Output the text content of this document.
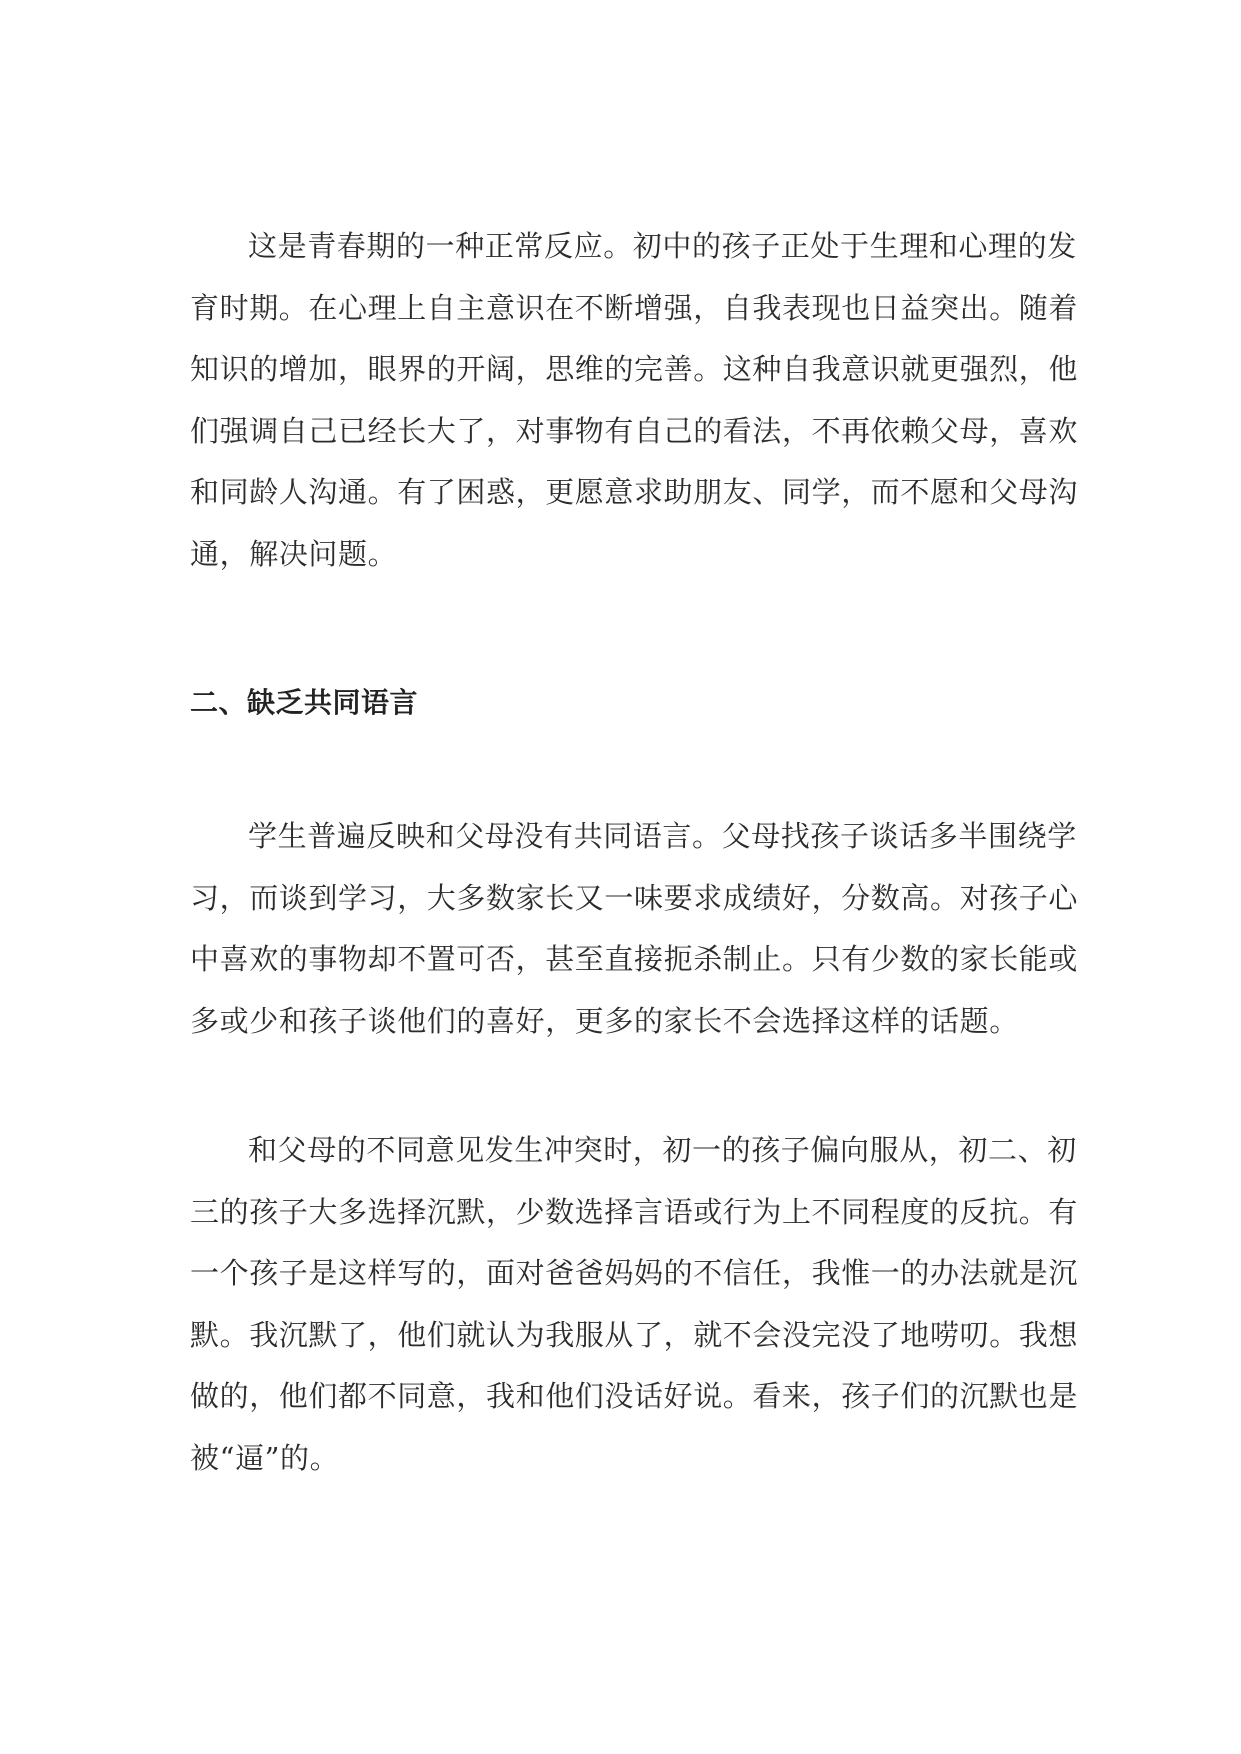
这是青春期的一种正常反应。初中的孩子正处于生理和心理的发
育时期。在心理上自主意识在不断增强，自我表现也日益突出。随着
知识的增加，眼界的开阔，思维的完善。这种自我意识就更强烈，他
们强调自己已经长大了，对事物有自己的看法，不再依赖父母，喜欢
和同龄人沟通。有了困惑，更愿意求助朋友、同学，而不愿和父母沟
通，解决问题。
二、缺乏共同语言
学生普遍反映和父母没有共同语言。父母找孩子谈话多半围绕学
习，而谈到学习，大多数家长又一味要求成绩好，分数高。对孩子心
中喜欢的事物却不置可否，甚至直接扼杀制止。只有少数的家长能或
多或少和孩子谈他们的喜好，更多的家长不会选择这样的话题。
和父母的不同意见发生冲突时，初一的孩子偏向服从，初二、初
三的孩子大多选择沉默，少数选择言语或行为上不同程度的反抗。有
一个孩子是这样写的，面对爸爸妈妈的不信任，我惟一的办法就是沉
默。我沉默了，他们就认为我服从了，就不会没完没了地唠叨。我想
做的，他们都不同意，我和他们没话好说。看来，孩子们的沉默也是
被“逼”的。
